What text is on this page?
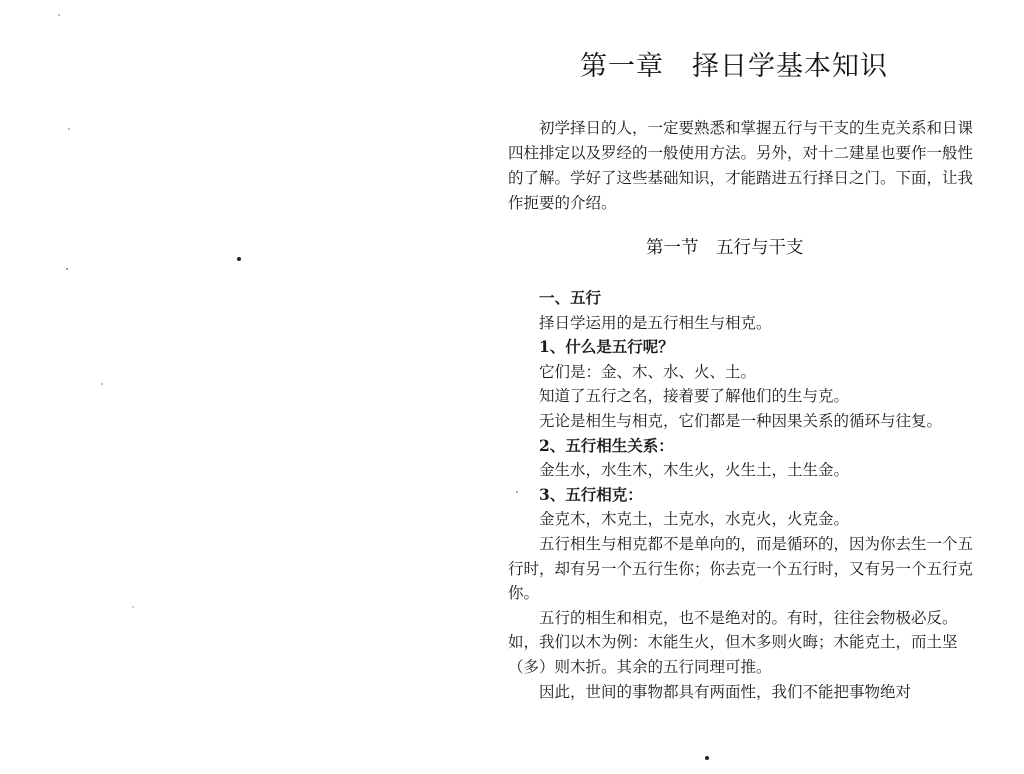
第一章　择日学基本知识

初学择日的人，一定要熟悉和掌握五行与干支的生克关系和日课四柱排定以及罗经的一般使用方法。另外，对十二建星也要作一般性的了解。学好了这些基础知识，才能踏进五行择日之门。下面，让我作扼要的介绍。

第一节　五行与干支

一、五行

择日学运用的是五行相生与相克。

1、什么是五行呢？

它们是：金、木、水、火、土。

知道了五行之名，接着要了解他们的生与克。

无论是相生与相克，它们都是一种因果关系的循环与往复。

2、五行相生关系：

金生水，水生木，木生火，火生土，土生金。

3、五行相克：

金克木，木克土，土克水，水克火，火克金。

五行相生与相克都不是单向的，而是循环的，因为你去生一个五行时，却有另一个五行生你；你去克一个五行时，又有另一个五行克你。

五行的相生和相克，也不是绝对的。有时，往往会物极必反。如，我们以木为例：木能生火，但木多则火晦；木能克土，而土坚（多）则木折。其余的五行同理可推。

因此，世间的事物都具有两面性，我们不能把事物绝对
